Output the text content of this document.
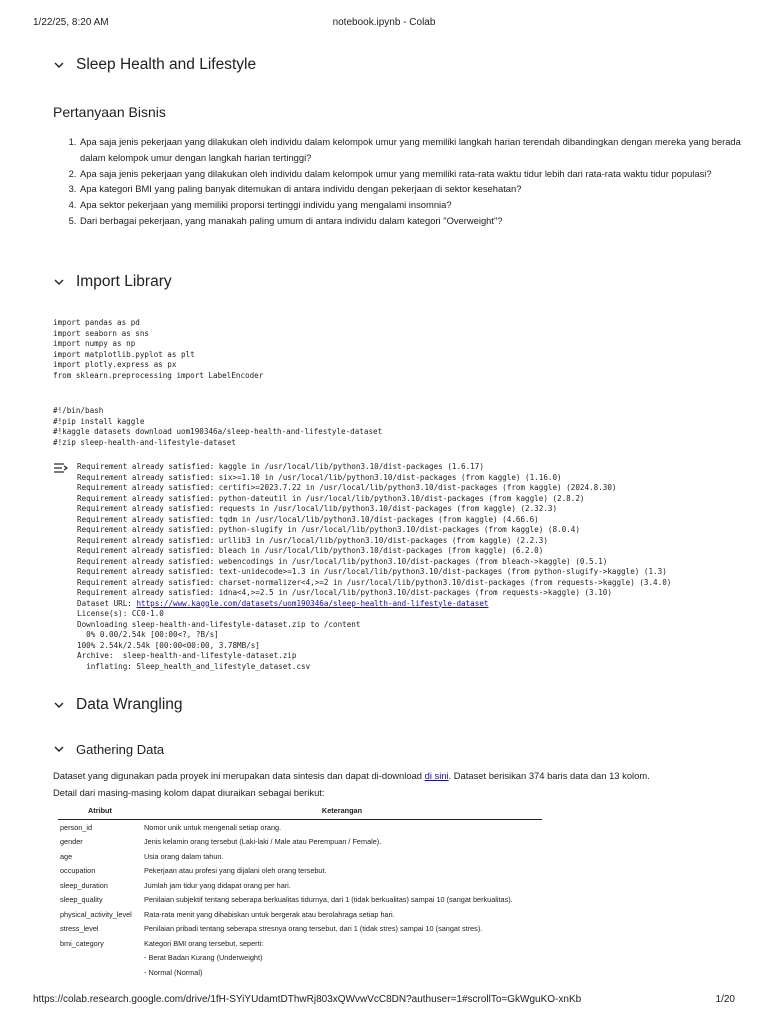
1/22/25, 8:20 AM	notebook.ipynb - Colab
Sleep Health and Lifestyle
Pertanyaan Bisnis
1. Apa saja jenis pekerjaan yang dilakukan oleh individu dalam kelompok umur yang memiliki langkah harian terendah dibandingkan dengan mereka yang berada dalam kelompok umur dengan langkah harian tertinggi?
2. Apa saja jenis pekerjaan yang dilakukan oleh individu dalam kelompok umur yang memiliki rata-rata waktu tidur lebih dari rata-rata waktu tidur populasi?
3. Apa kategori BMI yang paling banyak ditemukan di antara individu dengan pekerjaan di sektor kesehatan?
4. Apa sektor pekerjaan yang memiliki proporsi tertinggi individu yang mengalami insomnia?
5. Dari berbagai pekerjaan, yang manakah paling umum di antara individu dalam kategori "Overweight"?
Import Library
import pandas as pd
import seaborn as sns
import numpy as np
import matplotlib.pyplot as plt
import plotly.express as px
from sklearn.preprocessing import LabelEncoder
#!/bin/bash
#!pip install kaggle
#!kaggle datasets download uom190346a/sleep-health-and-lifestyle-dataset
#!zip sleep-health-and-lifestyle-dataset
Requirement already satisfied: kaggle in /usr/local/lib/python3.10/dist-packages (1.6.17)
Requirement already satisfied: six>=1.10 in /usr/local/lib/python3.10/dist-packages (from kaggle) (1.16.0)
Requirement already satisfied: certifi>=2023.7.22 in /usr/local/lib/python3.10/dist-packages (from kaggle) (2024.8.30)
Requirement already satisfied: python-dateutil in /usr/local/lib/python3.10/dist-packages (from kaggle) (2.8.2)
Requirement already satisfied: requests in /usr/local/lib/python3.10/dist-packages (from kaggle) (2.32.3)
Requirement already satisfied: tqdm in /usr/local/lib/python3.10/dist-packages (from kaggle) (4.66.6)
Requirement already satisfied: python-slugify in /usr/local/lib/python3.10/dist-packages (from kaggle) (8.0.4)
Requirement already satisfied: urllib3 in /usr/local/lib/python3.10/dist-packages (from kaggle) (2.2.3)
Requirement already satisfied: bleach in /usr/local/lib/python3.10/dist-packages (from kaggle) (6.2.0)
Requirement already satisfied: webencodings in /usr/local/lib/python3.10/dist-packages (from bleach->kaggle) (0.5.1)
Requirement already satisfied: text-unidecode>=1.3 in /usr/local/lib/python3.10/dist-packages (from python-slugify->kaggle) (1.3)
Requirement already satisfied: charset-normalizer<4,>=2 in /usr/local/lib/python3.10/dist-packages (from requests->kaggle) (3.4.0)
Requirement already satisfied: idna<4,>=2.5 in /usr/local/lib/python3.10/dist-packages (from requests->kaggle) (3.10)
Dataset URL: https://www.kaggle.com/datasets/uom190346a/sleep-health-and-lifestyle-dataset
License(s): CC0-1.0
Downloading sleep-health-and-lifestyle-dataset.zip to /content
0% 0.00/2.54k [00:00<?, ?B/s]
100% 2.54k/2.54k [00:00<00:00, 3.78MB/s]
Archive:  sleep-health-and-lifestyle-dataset.zip
inflating: Sleep_health_and_lifestyle_dataset.csv
Data Wrangling
Gathering Data
Dataset yang digunakan pada proyek ini merupakan data sintesis dan dapat di-download di sini. Dataset berisikan 374 baris data dan 13 kolom.
Detail dari masing-masing kolom dapat diuraikan sebagai berikut:
Atribut	Keterangan
person_id	Nomor unik untuk mengenali setiap orang.
gender	Jenis kelamin orang tersebut (Laki-laki / Male atau Perempuan / Female).
age	Usia orang dalam tahun.
occupation	Pekerjaan atau profesi yang dijalani oleh orang tersebut.
sleep_duration	Jumlah jam tidur yang didapat orang per hari.
sleep_quality	Penilaian subjektif tentang seberapa berkualitas tidurnya, dari 1 (tidak berkualitas) sampai 10 (sangat berkualitas).
physical_activity_level	Rata-rata menit yang dihabiskan untuk bergerak atau berolahraga setiap hari.
stress_level	Penilaian pribadi tentang seberapa stresnya orang tersebut, dari 1 (tidak stres) sampai 10 (sangat stres).
bmi_category	Kategori BMI orang tersebut, seperti:
	- Berat Badan Kurang (Underweight)
	- Normal (Normal)
https://colab.research.google.com/drive/1fH-SYiYUdamtDThwRj803xQWvwVcC8DN?authuser=1#scrollTo=GkWguKO-xnKb	1/20
